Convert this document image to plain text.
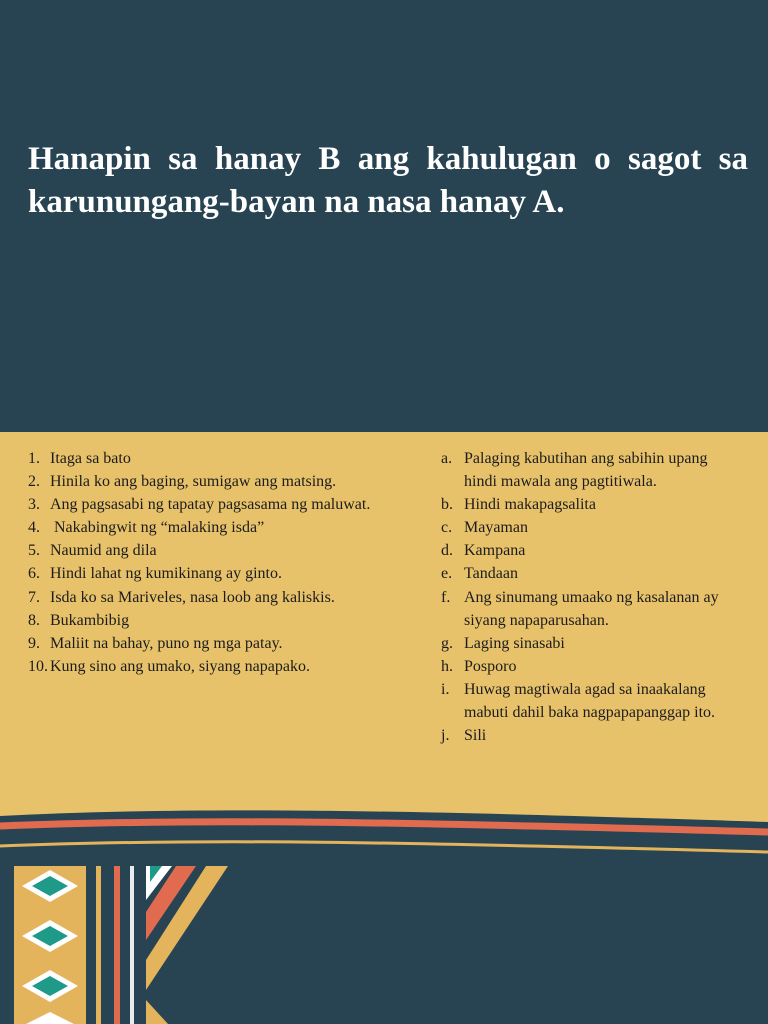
Hanapin sa hanay B ang kahulugan o sagot sa karunungang-bayan na nasa hanay A.
1. Itaga sa bato
2. Hinila ko ang baging, sumigaw ang matsing.
3. Ang pagsasabi ng tapatay pagsasama ng maluwat.
4. Nakabingwit ng “malaking isda”
5. Naumid ang dila
6. Hindi lahat ng kumikinang ay ginto.
7. Isda ko sa Mariveles, nasa loob ang kaliskis.
8. Bukambibig
9. Maliit na bahay, puno ng mga patay.
10. Kung sino ang umako, siyang napapako.
a. Palaging kabutihan ang sabihin upang hindi mawala ang pagtitiwala.
b. Hindi makapagsalita
c. Mayaman
d. Kampana
e. Tandaan
f. Ang sinumang umaako ng kasalanan ay siyang napaparusahan.
g. Laging sinasabi
h. Posporo
i. Huwag magtiwala agad sa inaakalang mabuti dahil baka nagpapapanggap ito.
j. Sili
